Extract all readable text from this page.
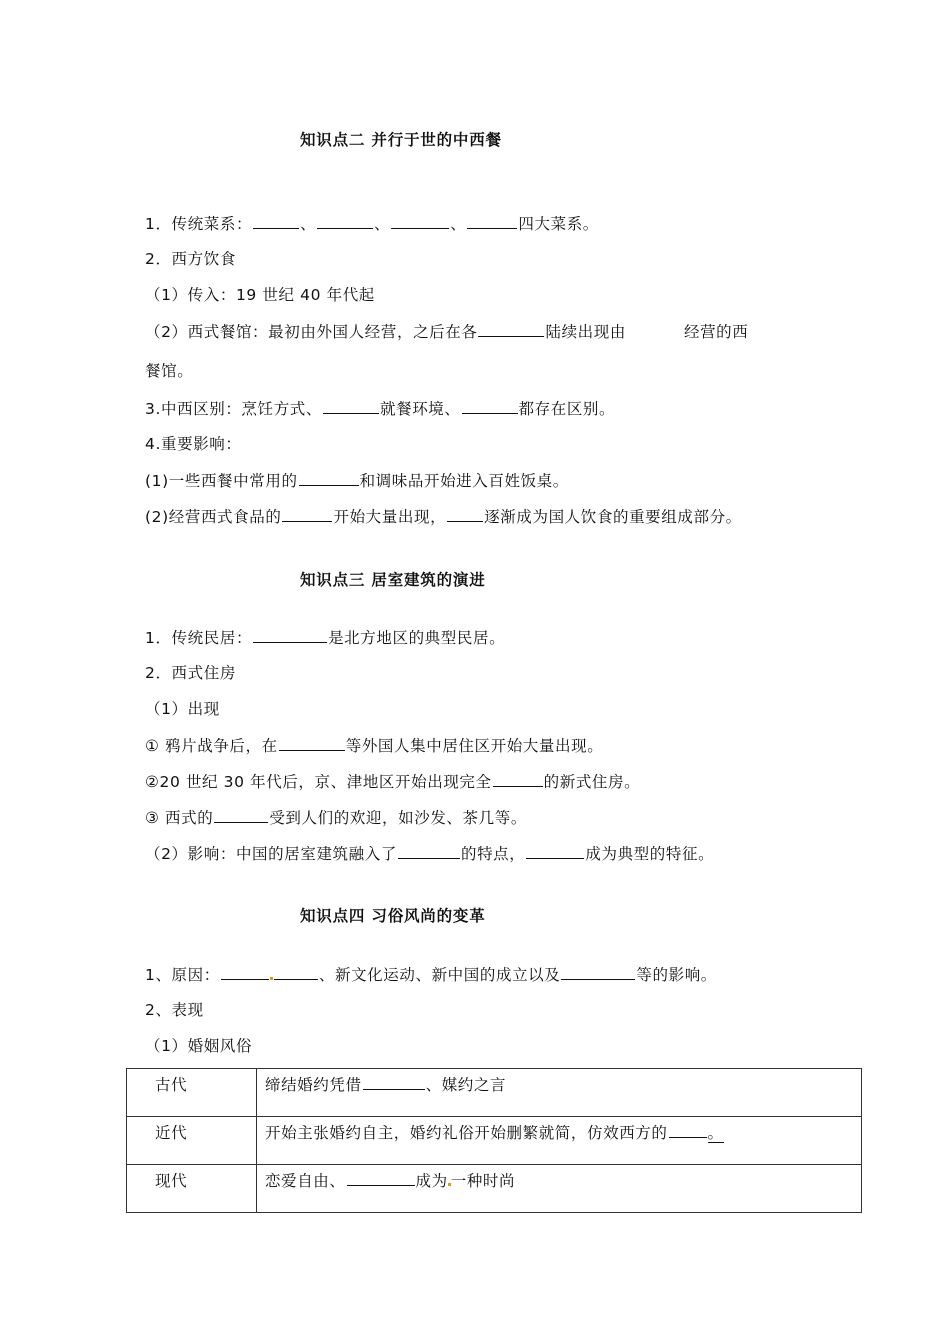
知识点二 并行于世的中西餐
1．传统菜系：	、	、	、	四大菜系。
2．西方饮食
（1）传入：19 世纪 40 年代起
（2）西式餐馆：最初由外国人经营，之后在各	陆续出现由	经营的西
餐馆。
3.中西区别：烹饪方式、	就餐环境、	都存在区别。
4.重要影响：
(1)一些西餐中常用的	和调味品开始进入百姓饭桌。
(2)经营西式食品的	开始大量出现， 逐渐成为国人饮食的重要组成部分。
知识点三 居室建筑的演进
1．传统民居：	是北方地区的典型民居。
2．西式住房
（1）出现
① 鸦片战争后，在	等外国人集中居住区开始大量出现。
②20 世纪 30 年代后，京、津地区开始出现完全	的新式住房。
③ 西式的	受到人们的欢迎，如沙发、茶几等。
（2）影响：中国的居室建筑融入了	的特点，	成为典型的特征。
知识点四 习俗风尚的变革
1、原因：	、新文化运动、新中国的成立以及	等的影响。
2、表现
（1）婚姻风俗
古代	缔结婚约凭借 、媒约之言
近代	开始主张婚约自主，婚约礼俗开始删繁就简，仿效西方的 。
现代	恋爱自由、 成为 一种时尚
